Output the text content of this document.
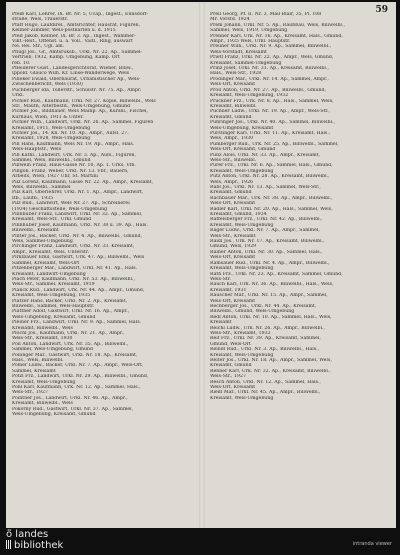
59
Pfeiß Karl, Lehrer, IX. Br. Nr. 5, Ucap., Ingest., Ennsdorf-
straße, Wels, Trauerstr.
Pfaff Hugo, Laufdirel., Amtsrichter, Hausrat, Figuren,
Kellner-Zimmer, Wels-postkarten u. d. 1915
Pfeif Jakob, Kellner, IX. Br. 3. Ap., Ingest., Wammer-
Vikt.-Reit., Öffenst. u. a. Voll., Vaitl., Ring, auswärt
Ne. Rei. Str., Ugl. am.
Pflügl Jos., Gr., Amtsruksb., Urkl. Nr. 22, Ap., Sammel-
Vertrieb, 1932, Kamp. Umgebung, Kamp. Ort
reb. 10.
Pfleiderer Gust., Landesgerichtsrat, Wiener, Biliw.,
Ippold. Glauco Wilh. Kr. Linse-Wanderwege, Wels
Pilleker Ewald, Oberbaurat, Urbanistischer Ap., Wels-
Zwischenbericht, Wels (1930)
Puchberger Ida, Tollerstr., Schulstr. Nr. 75. Ap., Ampr.
Urkl.
Pichler Rud., Kaufmann, Urkl. Nr. 27. Kopie, Biliwelbl., Wels
Str., Mauth, Alterbestd., Wels-Umgebung, Gmund
Pichler Jos., Bildhauer, Wels Mainp. Ap., Kursbl., Fischel,
Kurhaus, Wien, 1911 & Unter.
Pichler Wilh., Landwirt, Urkl. Nr. 26. Ap., Sammel, Figuren
Kreisamt, 1911, Wels-Umgebung
Pichler Jos., 14. Kn. Nr. 10. Ap., Ampr., Aufsl. 27.
Kreisamt, 1928, Wels-Umgebung
Pill Hans, Kaufmann, Wels Nr. 19. Ap., Ampr., Hals.
Wels-Hauptstr., Wels
Pill Kathl., Landwirt, Urk. Nr. 3. Ap., Aufs., Figuren,
Sammel, Wels, Biliwelbl., Gmund
Pillwein Franz, Haus-Gasse Nr. 10, Ap. 1. Urks, Vfb.
Pillgöb, Franz, Weber, Urkl. Nr. 13. Vbr., Bauern,
Arbeits, Wien, 1927 Uhr, St. Martini
Pilz Lorenz, Kaufmann, Gasse Nr. 22. Ap., Ampr., Kreisamt,
Wels, Biliwelbl., Sammel
Pilz Karl, Oberlehrer, Urkl. Nr. 1. Ap., Ampr., Landwirt,
Ifb., Laufb., 1935
Pilz Rud., Landwirt, Wels Nr. 27. Ap., Schreinerei
(1934) Geschäftsstelle, Wels-Umgebung
Pinnhuber Franz, Landwirt, Urkl. Nr. 32. Ap., Sammel,
Kreisamt, Wels-Str., Urkl. Gmund
Pinnhuber Josef, Kaufmann, Urkl. Nr. 38 u. 39. Ap., Hals.
Biliwelbl., Kreisamt
Pinter Jos., Bäcker, Urkl. Nr. 4. Ap., Biliwelbl., Gmund,
Wels, Sammel-Umgebung
Pirchinger Franz, Landwirt, Urkl. Nr. 33. Kreisamt,
Ampr., Kreisamt, Wels, Unterstr.
Pirklbauer Emil, Gastwirt, Urk. 47. Ap., Biliwelbl., Wels
Sammel, Kreisamt, Wels-Ort
Pitzenberger Mar., Landwirt, Urkl. Nr. 41. Ap., Hals.
Kreisamt, Landwirt-Umgebung
Plach Peter, Kaufmann, Urkl. Nr. 53. Ap., Biliwelbl.,
Wels-Str., Sammel, Kreisamt, 1919
Planck Rud., Landwirt, Urk. Nr. 44. Ap., Ampr., Gmund,
Kreisamt, Wels-Umgebung, 1935
Platzer Hans, Bäcker, Urkl. Nr. 2. Ap., Kreisamt,
Biliwelbl., Sammel, Wels-Hauptstr.
Plattner Adolf, Gastwirt, Urkl. Nr. 16. Ap., Ampr.,
Wels-Umgebung, Kreisamt, Gmund
Pleiner Frz., Landwirt, Urkl. Nr. 9. Ap., Sammel, Hals.
Kreisamt, Biliwelbl., Wels
Plöchl Jos., Kaufmann, Urkl. Nr. 21. Ap., Ampr.,
Wels-Str., Kreisamt, 1930
Pöll Anton, Landwirt, Urk. Nr. 35. Ap., Biliwelbl.,
Sammel, Wels-Umgebung, Gmund
Pöllinger Mar., Gastwirt, Urkl. Nr. 18. Ap., Kreisamt,
Hals., Wels, Biliwelbl.
Pömer Ludw., Bäcker, Urkl. Nr. 7. Ap., Ampr., Wels-Ort,
Sammel, Kreisamt
Pötzl Frz., Landwirt, Urkl. Nr. 29. Ap., Biliwelbl., Gmund,
Kreisamt, Wels-Umgebung
Pohl Karl, Kaufmann, Urk. Nr. 12. Ap., Sammel, Hals.,
Wels-Str., 1927
Pointner Jos., Landwirt, Urkl. Nr. 46. Ap., Ampr.,
Kreisamt, Biliwelbl., Wels
Pokorny Rud., Gastwirt, Urkl. Nr. 37. Ap., Sammel,
Wels-Umgebung, Kreisamt, Gmund
Prell Georg, Pf. II. Nr. 3, Mail Blair, 35, Pl. 108
Mr. Vorstd. 1924
Prem Johann, Urkl. Nr. 5. Ap., Raubbau, Wels, Biliwelbl.,
Sammel, Wels, 1919, Umgebung
Prenner Karl, Urk. Nr. 16. Ap., Kreisamt, Hals., Gmund,
Ampr., 1935 Wels, Urkl. Hauptstr.
Preuner Wilh., Urkl. Nr. 9. Ap., Sammel, Biliwelbl.,
Wels-Vorstadt, Kreisamt
Prietl Franz, Urkl. Nr. 22. Ap., Ampr., Wels, Gmund,
Kreisamt, Sammel-Umgebung
Prinz Josef, Urkl. Nr. 31. Ap., Kreisamt, Biliwelbl.,
Hals., Wels-Str., 1928
Prodinger Mar., Urkl. Nr. 14. Ap., Sammel, Ampr.,
Wels-Ort, Kreisamt
Pröll Anton, Urkl. Nr. 27. Ap., Biliwelbl., Gmund,
Kreisamt, Wels-Umgebung, 1932
Pruckner Frz., Urk. Nr. 8. Ap., Hals., Sammel, Wels,
Kreisamt, Biliwelbl.
Puchner Ludw., Urkl. Nr. 19. Ap., Ampr., Wels-Str.,
Kreisamt, Gmund
Pühringer Jos., Urkl. Nr. 40. Ap., Sammel, Biliwelbl.,
Wels-Umgebung, Kreisamt
Pürstinger Karl, Urkl. Nr. 11. Ap., Kreisamt, Hals.,
Wels, Ampr., 1930
Pumberger Rud., Urk. Nr. 25. Ap., Biliwelbl., Sammel,
Wels-Ort, Kreisamt, Gmund
Punz Alois, Urkl. Nr. 33. Ap., Ampr., Kreisamt,
Wels-Str., Biliwelbl.
Purer Frz., Urkl. Nr. 6. Ap., Sammel, Hals., Gmund,
Kreisamt, Wels-Umgebung
Putz Anton, Urkl. Nr. 28. Ap., Kreisamt, Biliwelbl.,
Wels, Ampr., 1926
Rabl Jos., Urkl. Nr. 13. Ap., Sammel, Wels-Str.,
Kreisamt, Gmund
Rachbauer Mar., Urk. Nr. 38. Ap., Ampr., Biliwelbl.,
Wels-Ort, Kreisamt
Radler Karl, Urkl. Nr. 20. Ap., Hals., Sammel, Wels,
Kreisamt, Gmund, 1934
Raffelsberger Frz., Urkl. Nr. 42. Ap., Biliwelbl.,
Kreisamt, Wels-Umgebung
Rager Ludw., Urkl. Nr. 7. Ap., Ampr., Sammel,
Wels-Str., Kreisamt
Raidl Jos., Urk. Nr. 17. Ap., Kreisamt, Biliwelbl.,
Gmund, Wels, 1929
Rainer Anton, Urkl. Nr. 30. Ap., Sammel, Hals.,
Wels-Ort, Kreisamt
Ramsauer Rud., Urkl. Nr. 4. Ap., Ampr., Biliwelbl.,
Kreisamt, Wels-Umgebung
Rath Frz., Urkl. Nr. 23. Ap., Kreisamt, Sammel, Gmund,
Wels-Str.
Rauch Karl, Urk. Nr. 36. Ap., Biliwelbl., Hals., Wels,
Kreisamt, 1931
Rauscher Mar., Urkl. Nr. 15. Ap., Ampr., Sammel,
Wels-Ort, Kreisamt
Rechberger Jos., Urkl. Nr. 44. Ap., Kreisamt,
Biliwelbl., Gmund, Wels-Umgebung
Redl Anton, Urkl. Nr. 10. Ap., Sammel, Hals., Wels,
Kreisamt
Reichl Ludw., Urk. Nr. 26. Ap., Ampr., Biliwelbl.,
Wels-Str., Kreisamt, 1933
Reif Frz., Urkl. Nr. 39. Ap., Kreisamt, Sammel,
Gmund, Wels-Ort
Reindl Rud., Urkl. Nr. 3. Ap., Biliwelbl., Hals.,
Kreisamt, Wels-Umgebung
Reiter Jos., Urkl. Nr. 18. Ap., Ampr., Sammel, Wels,
Kreisamt, Gmund
Renner Karl, Urk. Nr. 32. Ap., Kreisamt, Biliwelbl.,
Wels-Str., 1927
Resch Anton, Urkl. Nr. 12. Ap., Sammel, Hals.,
Wels-Ort, Kreisamt
Riedl Mar., Urkl. Nr. 45. Ap., Ampr., Biliwelbl.,
Kreisamt, Wels-Umgebung
ö̈ landes
bibliothek	intranda viewer
